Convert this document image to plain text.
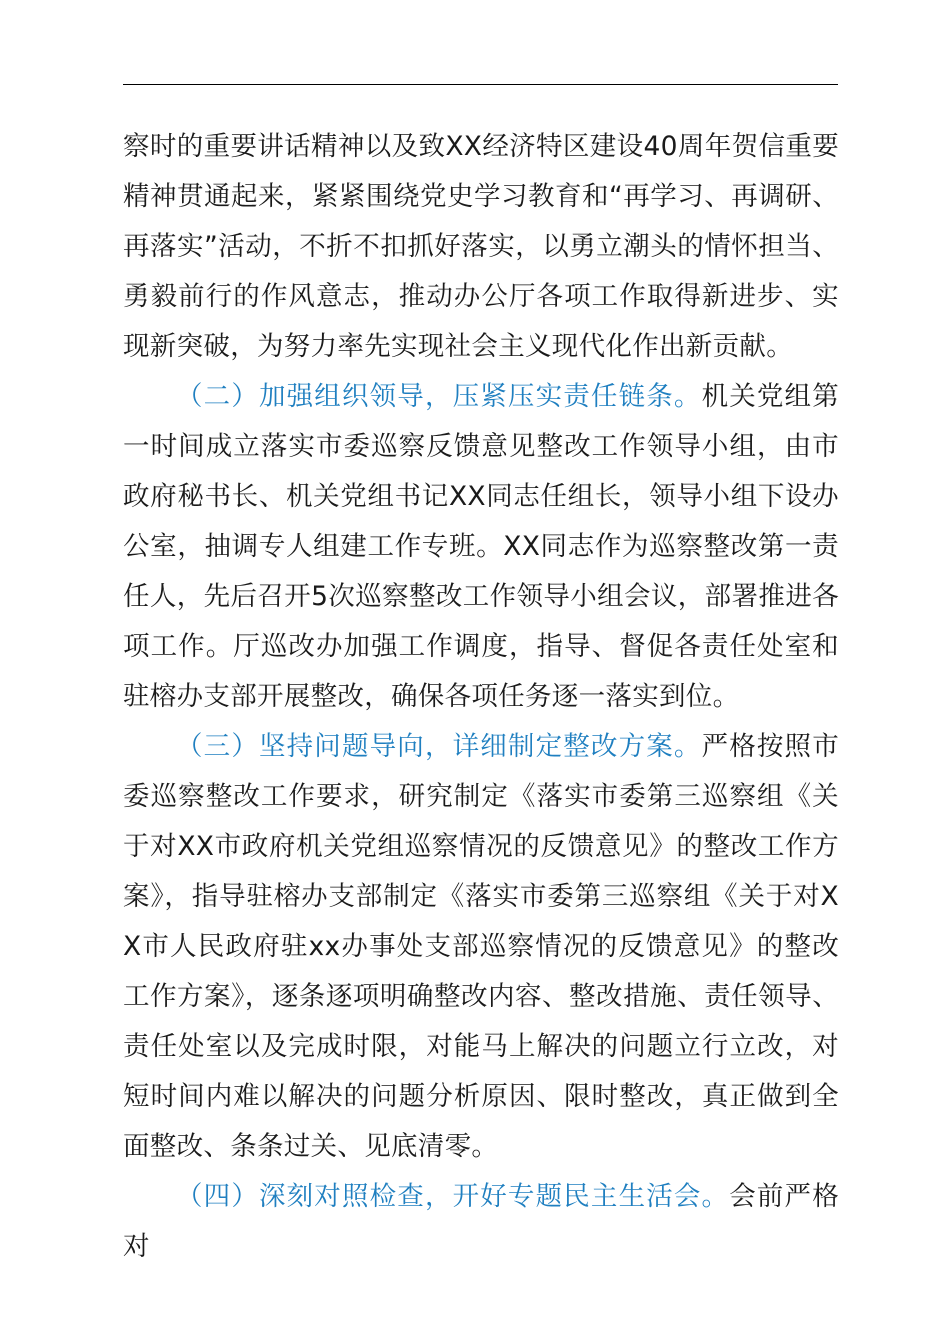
察时的重要讲话精神以及致XX经济特区建设40周年贺信重要精神贯通起来，紧紧围绕党史学习教育和“再学习、再调研、再落实”活动，不折不扣抓好落实，以勇立潮头的情怀担当、勇毅前行的作风意志，推动办公厅各项工作取得新进步、实现新突破，为努力率先实现社会主义现代化作出新贡献。

（二）加强组织领导，压紧压实责任链条。机关党组第一时间成立落实市委巡察反馈意见整改工作领导小组，由市政府秘书长、机关党组书记XX同志任组长，领导小组下设办公室，抽调专人组建工作专班。XX同志作为巡察整改第一责任人，先后召开5次巡察整改工作领导小组会议，部署推进各项工作。厅巡改办加强工作调度，指导、督促各责任处室和驻榕办支部开展整改，确保各项任务逐一落实到位。

（三）坚持问题导向，详细制定整改方案。严格按照市委巡察整改工作要求，研究制定《落实市委第三巡察组《关于对XX市政府机关党组巡察情况的反馈意见》的整改工作方案》，指导驻榕办支部制定《落实市委第三巡察组《关于对XX市人民政府驻xx办事处支部巡察情况的反馈意见》的整改工作方案》，逐条逐项明确整改内容、整改措施、责任领导、责任处室以及完成时限，对能马上解决的问题立行立改，对短时间内难以解决的问题分析原因、限时整改，真正做到全面整改、条条过关、见底清零。

（四）深刻对照检查，开好专题民主生活会。会前严格对
